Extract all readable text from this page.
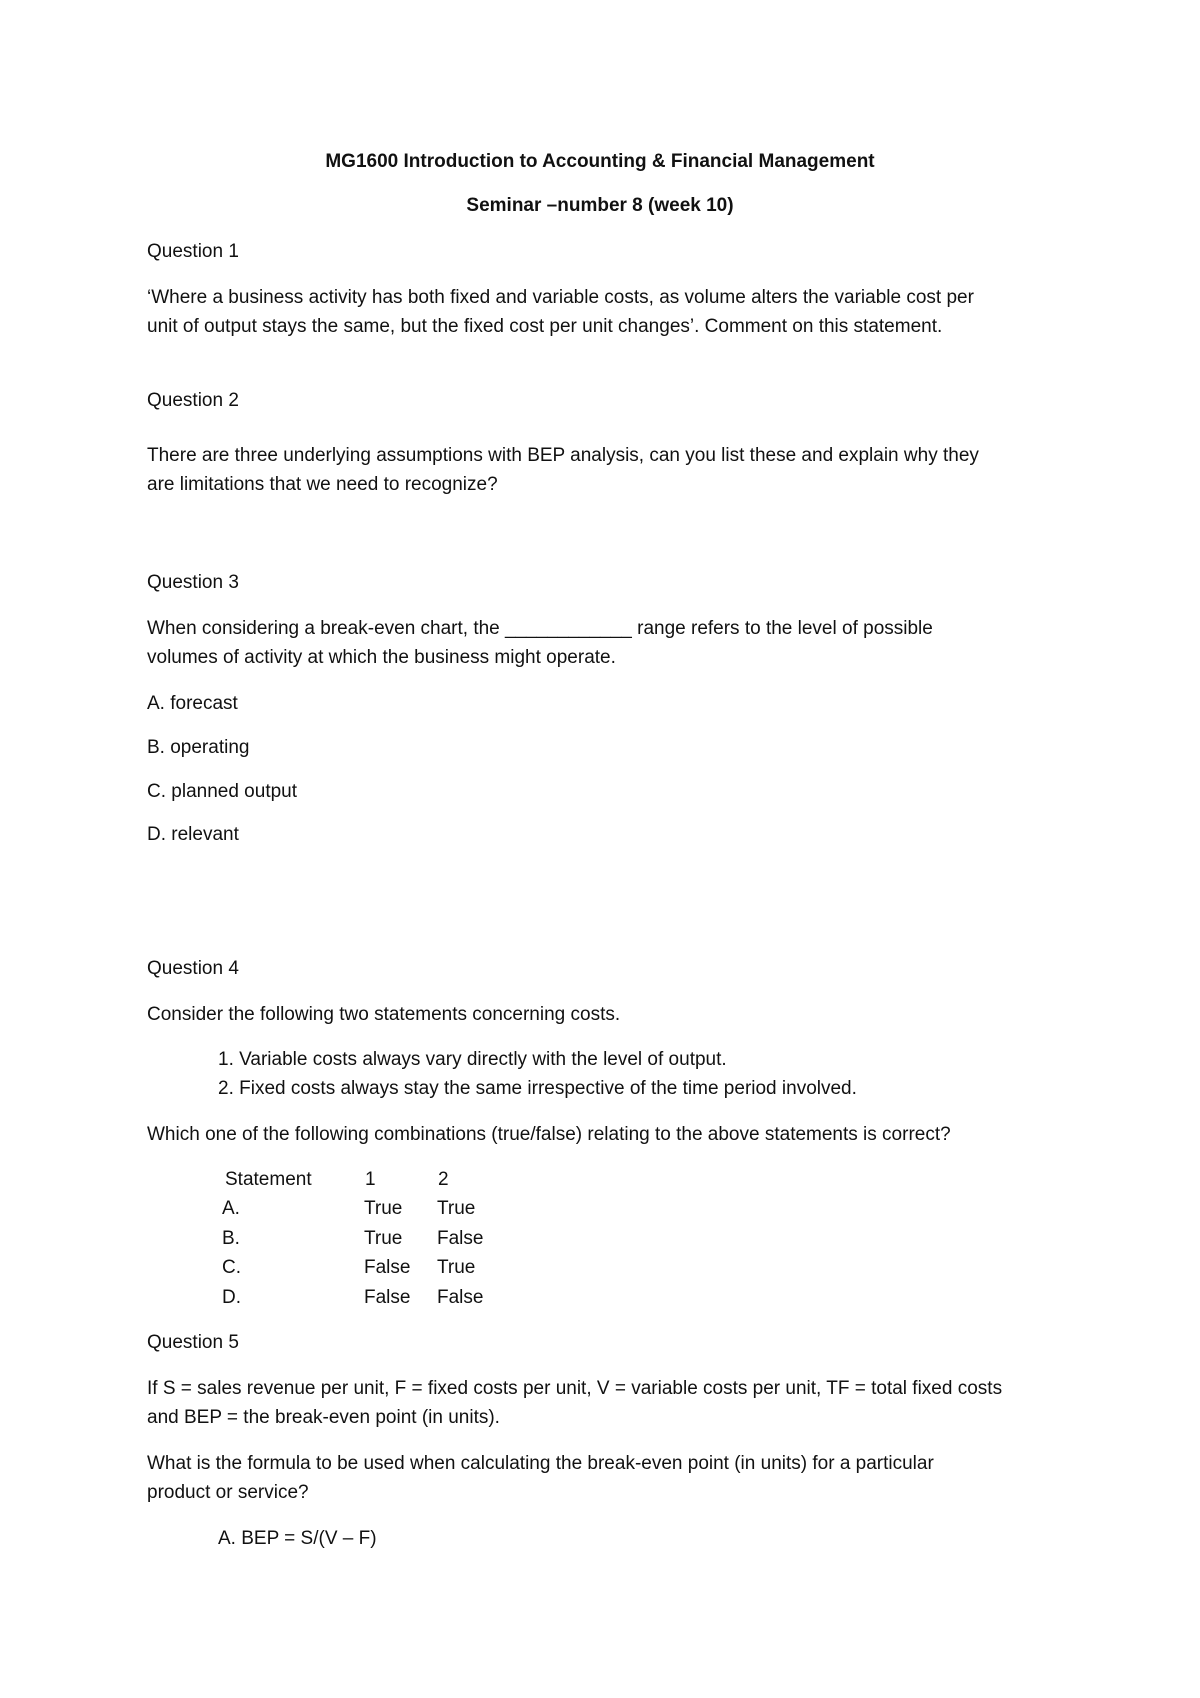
MG1600 Introduction to Accounting & Financial Management
Seminar –number 8 (week 10)
Question 1
‘Where a business activity has both fixed and variable costs, as volume alters the variable cost per
unit of output stays the same, but the fixed cost per unit changes’. Comment on this statement.
Question 2
There are three underlying assumptions with BEP analysis, can you list these and explain why they
are limitations that we need to recognize?
Question 3
When considering a break-even chart, the ____________ range refers to the level of possible
volumes of activity at which the business might operate.
A. forecast
B. operating
C. planned output
D. relevant
Question 4
Consider the following two statements concerning costs.
1. Variable costs always vary directly with the level of output.
2. Fixed costs always stay the same irrespective of the time period involved.
Which one of the following combinations (true/false) relating to the above statements is correct?
Statement	1	2
A.	True True
B.	True False
C.	False True
D.	False False
Question 5
If S = sales revenue per unit, F = fixed costs per unit, V = variable costs per unit, TF = total fixed costs
and BEP = the break-even point (in units).
What is the formula to be used when calculating the break-even point (in units) for a particular
product or service?
A. BEP = S/(V – F)
